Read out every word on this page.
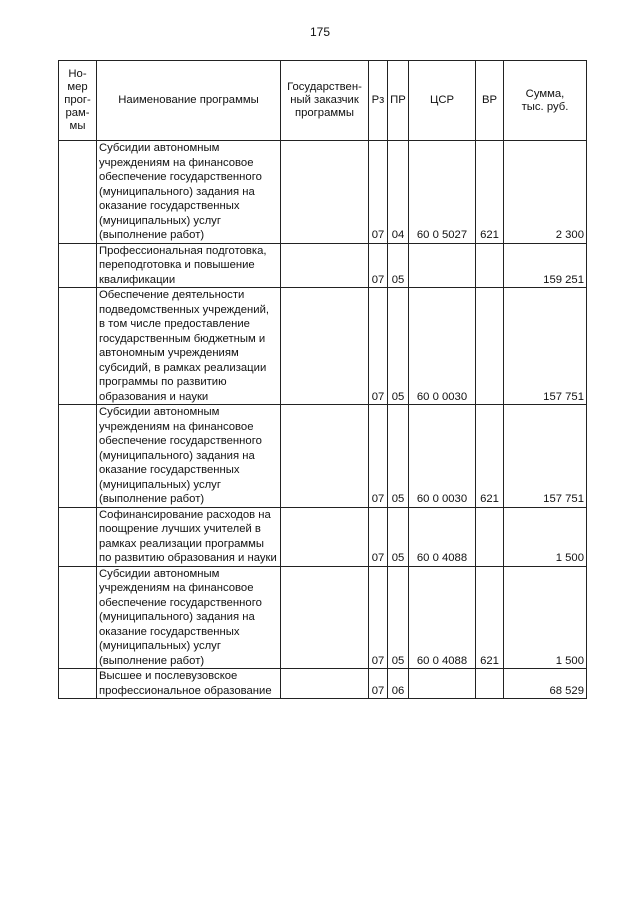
175
Но-
мер
прог-
рам-
мы	Наименование программы	Государствен-
ный заказчик
программы	Рз	ПР	ЦСР	ВР	Сумма,
тыс. руб.
	Субсидии автономным учреждениям на финансовое обеспечение государственного (муниципального) задания на оказание государственных (муниципальных) услуг (выполнение работ)		07	04	60 0 5027	621	2 300
	Профессиональная подготовка, переподготовка и повышение квалификации		07	05			159 251
	Обеспечение деятельности подведомственных учреждений, в том числе предоставление государственным бюджетным и автономным учреждениям субсидий, в рамках реализации программы по развитию образования и науки		07	05	60 0 0030		157 751
	Субсидии автономным учреждениям на финансовое обеспечение государственного (муниципального) задания на оказание государственных (муниципальных) услуг (выполнение работ)		07	05	60 0 0030	621	157 751
	Софинансирование расходов на поощрение лучших учителей в рамках реализации программы по развитию образования и науки		07	05	60 0 4088		1 500
	Субсидии автономным учреждениям на финансовое обеспечение государственного (муниципального) задания на оказание государственных (муниципальных) услуг (выполнение работ)		07	05	60 0 4088	621	1 500
	Высшее и послевузовское профессиональное образование		07	06			68 529
